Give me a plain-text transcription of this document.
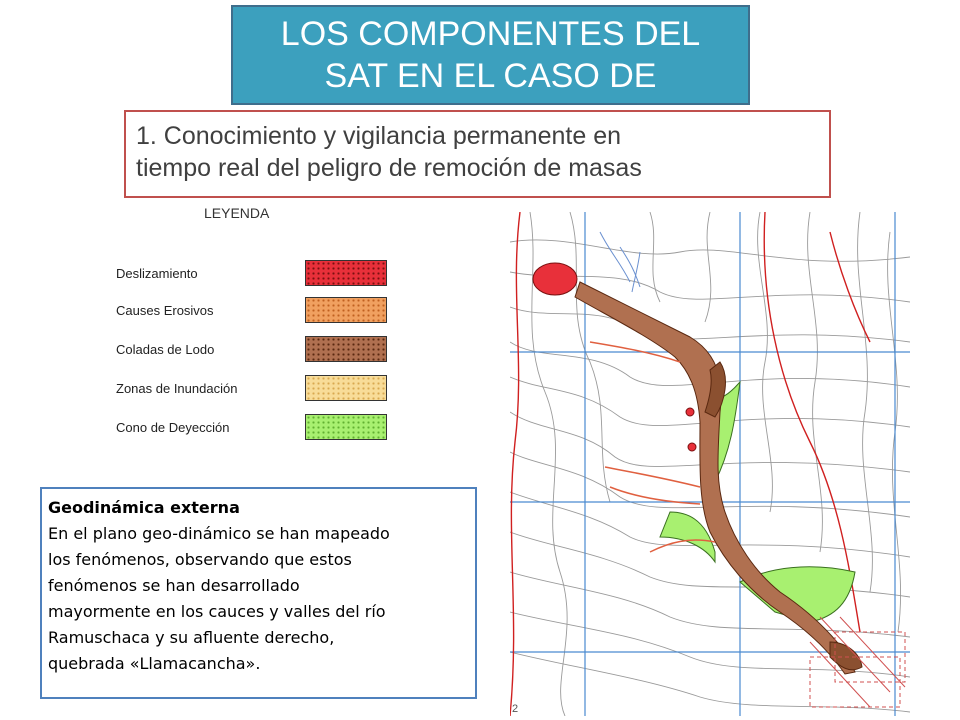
LOS COMPONENTES DEL
SAT EN EL CASO DE
1. Conocimiento y vigilancia permanente en
tiempo real del peligro de remoción de masas
LEYENDA
Deslizamiento
Causes Erosivos
Coladas de Lodo
Zonas de Inundación
Cono de Deyección
Geodinámica externa
En el plano geo-dinámico se han mapeado
los fenómenos, observando que estos
fenómenos se han desarrollado
mayormente en los cauces y valles del río
Ramuschaca y su afluente derecho,
quebrada «Llamacancha».
2
